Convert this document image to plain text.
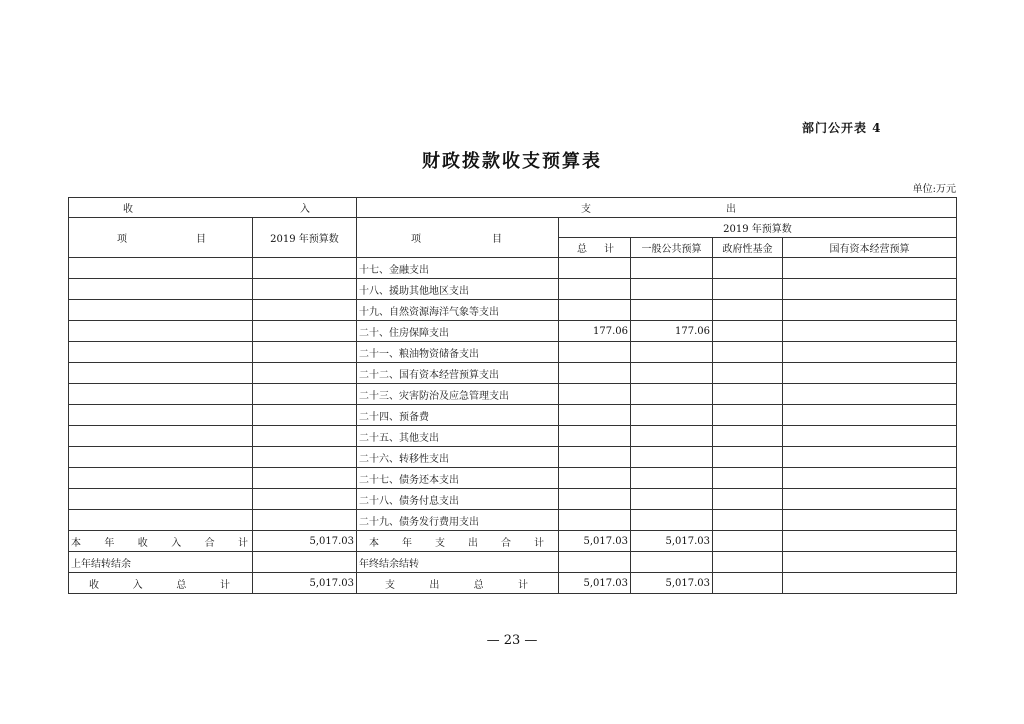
部门公开表 4
财政拨款收支预算表
单位:万元
收入		支出				

项目	2019 年预算数	项目	2019 年预算数			

			总计	一般公共预算	政府性基金	国有资本经营预算
		十七、金融支出				
		十八、援助其他地区支出				
		十九、自然资源海洋气象等支出				
		二十、住房保障支出	177.06	177.06		
		二十一、粮油物资储备支出				
		二十二、国有资本经营预算支出				
		二十三、灾害防治及应急管理支出				
		二十四、预备费				
		二十五、其他支出				
		二十六、转移性支出				
		二十七、债务还本支出				
		二十八、债务付息支出				
		二十九、债务发行费用支出				

本年收入合计	5,017.03	本年支出合计	5,017.03	5,017.03		
上年结转结余		年终结余结转				

收入总计	5,017.03	支出总计	5,017.03	5,017.03		
— 23 —
